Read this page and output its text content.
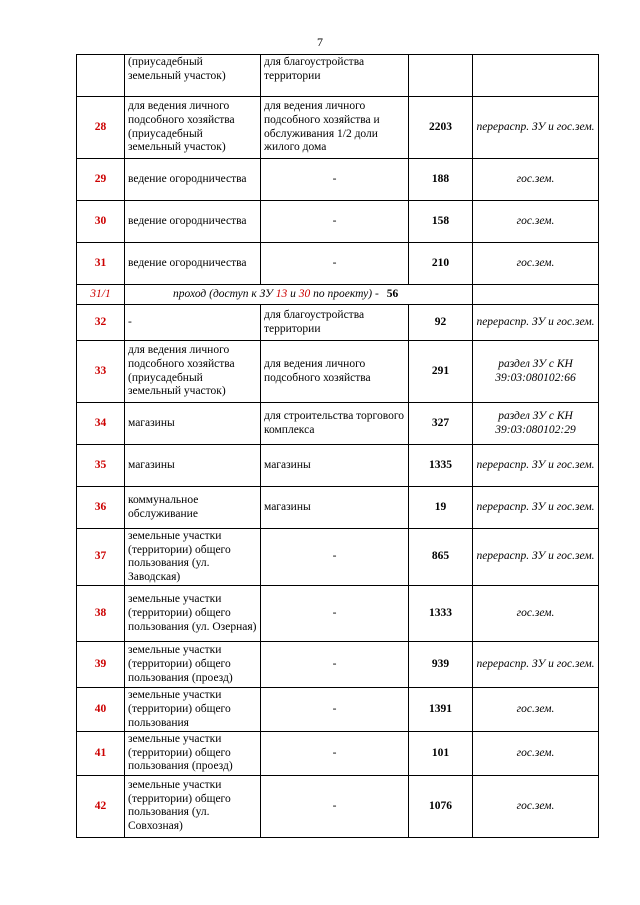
7
	(приусадебный земельный участок)	для благоустройства территории		
28	для ведения личного подсобного хозяйства (приусадебный земельный участок)	для ведения личного подсобного хозяйства и обслуживания 1/2 доли жилого дома	2203	перераспр. ЗУ и гос.зем.
29	ведение огородничества	-	188	гос.зем.
30	ведение огородничества	-	158	гос.зем.
31	ведение огородничества	-	210	гос.зем.
31/1	проход (доступ к ЗУ 13 и 30 по проекту) - 56			
32	-	для благоустройства территории	92	перераспр. ЗУ и гос.зем.
33	для ведения личного подсобного хозяйства (приусадебный земельный участок)	для ведения личного подсобного хозяйства	291	раздел ЗУ с КН 39:03:080102:66
34	магазины	для строительства торгового комплекса	327	раздел ЗУ с КН 39:03:080102:29
35	магазины	магазины	1335	перераспр. ЗУ и гос.зем.
36	коммунальное обслуживание	магазины	19	перераспр. ЗУ и гос.зем.
37	земельные участки (территории) общего пользования (ул. Заводская)	-	865	перераспр. ЗУ и гос.зем.
38	земельные участки (территории) общего пользования (ул. Озерная)	-	1333	гос.зем.
39	земельные участки (территории) общего пользования (проезд)	-	939	перераспр. ЗУ и гос.зем.
40	земельные участки (территории) общего пользования	-	1391	гос.зем.
41	земельные участки (территории) общего пользования (проезд)	-	101	гос.зем.
42	земельные участки (территории) общего пользования (ул. Совхозная)	-	1076	гос.зем.
